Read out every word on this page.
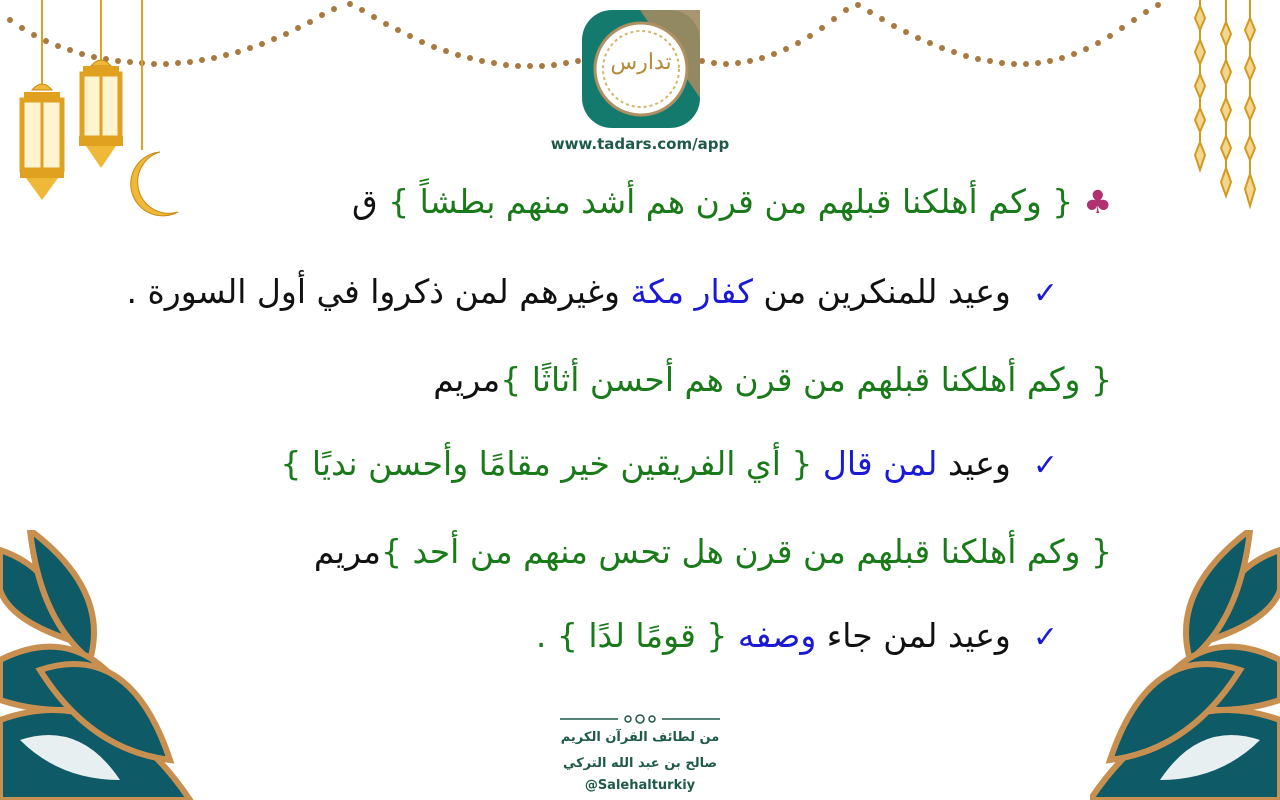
تدارس
www.tadars.com/app
♣{ وكم أهلكنا قبلهم من قرن هم أشد منهم بطشاً } ق
✓وعيد للمنكرين من كفار مكة وغيرهم لمن ذكروا في أول السورة .
{ وكم أهلكنا قبلهم من قرن هم أحسن أثاثًا }مريم
✓وعيد لمن قال { أي الفريقين خير مقامًا وأحسن نديًا }
{ وكم أهلكنا قبلهم من قرن هل تحس منهم من أحد }مريم
✓وعيد لمن جاء وصفه { قومًا لدًا } .
من لطائف القرآن الكريم
صالح بن عبد الله التركي
@Salehalturkiy
